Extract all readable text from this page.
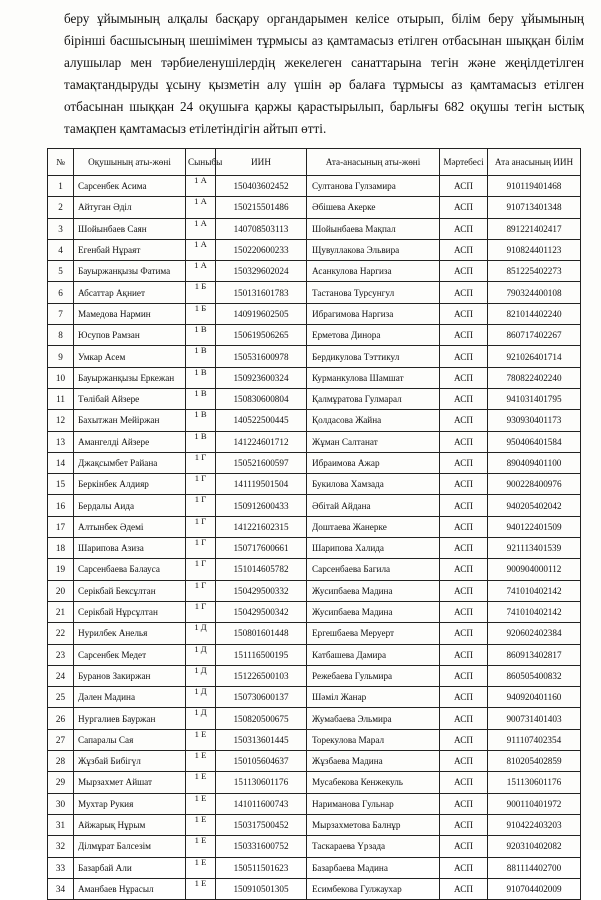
беру ұйымының алқалы басқару органдарымен келісе отырып, білім беру ұйымының бірінші басшысының шешімімен тұрмысы аз қамтамасыз етілген отбасынан шыққан білім алушылар мен тәрбиеленушілердің жекелеген санаттарына тегін және жеңілдетілген тамақтандыруды ұсыну қызметін алу үшін әр балаға тұрмысы аз қамтамасыз етілген отбасынан шыққан 24 оқушыға қаржы қарастырылып, барлығы 682 оқушы тегін ыстық тамақпен қамтамасыз етілетіндігін айтып өтті.
№	Оқушының аты-жөні	Сыныбы	ИИН	Ата-анасының аты-жөні	Мәртебесі	Ата анасының ИИН
1	Сарсенбек Асима	1 А	150403602452	Султанова Гулзамира	АСП	910119401468
2	Айтуган Әділ	1 А	150215501486	Әбішева Акерке	АСП	910713401348
3	Шойынбаев Саян	1 А	140708503113	Шойынбаева Мақпал	АСП	891221402417
4	Егенбай Нұраят	1 А	150220600233	Щувуллакова Эльвира	АСП	910824401123
5	Бауыржанқызы Фатима	1 А	150329602024	Асанкулова Наргиза	АСП	851225402273
6	Абсаттар Ақниет	1 Б	150131601783	Тастанова Турсунгул	АСП	790324400108
7	Мамедова Нармин	1 Б	140919602505	Ибрагимова Наргиза	АСП	821014402240
8	Юсупов Рамзан	1 В	150619506265	Ерметова Динора	АСП	860717402267
9	Умкар Асем	1 В	150531600978	Бердикулова Тэттикул	АСП	921026401714
10	Бауыржанқызы Еркежан	1 В	150923600324	Курманкулова Шамшат	АСП	780822402240
11	Төлібай Айзере	1 В	150830600804	Қалмұратова Гулмарал	АСП	941031401795
12	Бахытжан Мейіржан	1 В	140522500445	Қолдасова Жайна	АСП	930930401173
13	Амангелді Айзере	1 В	141224601712	Жұман Салтанат	АСП	950406401584
14	Джақсымбет Райана	1 Г	150521600597	Ибраимова Ажар	АСП	890409401100
15	Беркінбек Алдияр	1 Г	141119501504	Букилова Хамзада	АСП	900228400976
16	Бердалы Аида	1 Г	150912600433	Әбітай Айдана	АСП	940205402042
17	Алтынбек Әдемі	1 Г	141221602315	Доштаева Жанерке	АСП	940122401509
18	Шарипова Азиза	1 Г	150717600661	Шарипова Халида	АСП	921113401539
19	Сарсенбаева Балауса	1 Г	151014605782	Сарсенбаева Багила	АСП	900904000112
20	Серікбай Бексұлтан	1 Г	150429500332	Жусипбаева Мадина	АСП	741010402142
21	Серікбай Нұрсұлтан	1 Г	150429500342	Жусипбаева Мадина	АСП	741010402142
22	Нурилбек Анелья	1 Д	150801601448	Ергешбаева Меруерт	АСП	920602402384
23	Сарсенбек Медет	1 Д	151116500195	Катбашева Дамира	АСП	860913402817
24	Буранов Закиржан	1 Д	151226500103	Режебаева Гульмира	АСП	860505400832
25	Дәлен Мадина	1 Д	150730600137	Шәміл Жанар	АСП	940920401160
26	Нургалиев Бауржан	1 Д	150820500675	Жумабаева Эльмира	АСП	900731401403
27	Сапаралы Сая	1 Е	150313601445	Торекулова Марал	АСП	911107402354
28	Жұзбай Бибігүл	1 Е	150105604637	Жұзбаева Мадина	АСП	810205402859
29	Мырзахмет Айшат	1 Е	151130601176	Мусабекова Кенжекуль	АСП	151130601176
30	Мухтар Рукия	1 Е	141011600743	Нариманова Гульнар	АСП	900110401972
31	Айжарық Нұрым	1 Е	150317500452	Мырзахметова Балнұр	АСП	910422403203
32	Ділмұрат Балсезім	1 Е	150331600752	Таскараева Үрзада	АСП	920310402082
33	Базарбай Али	1 Е	150511501623	Базарбаева Мадина	АСП	881114402700
34	Аманбаев Нұрасыл	1 Е	150910501305	Есимбекова Гулжаухар	АСП	910704402009
